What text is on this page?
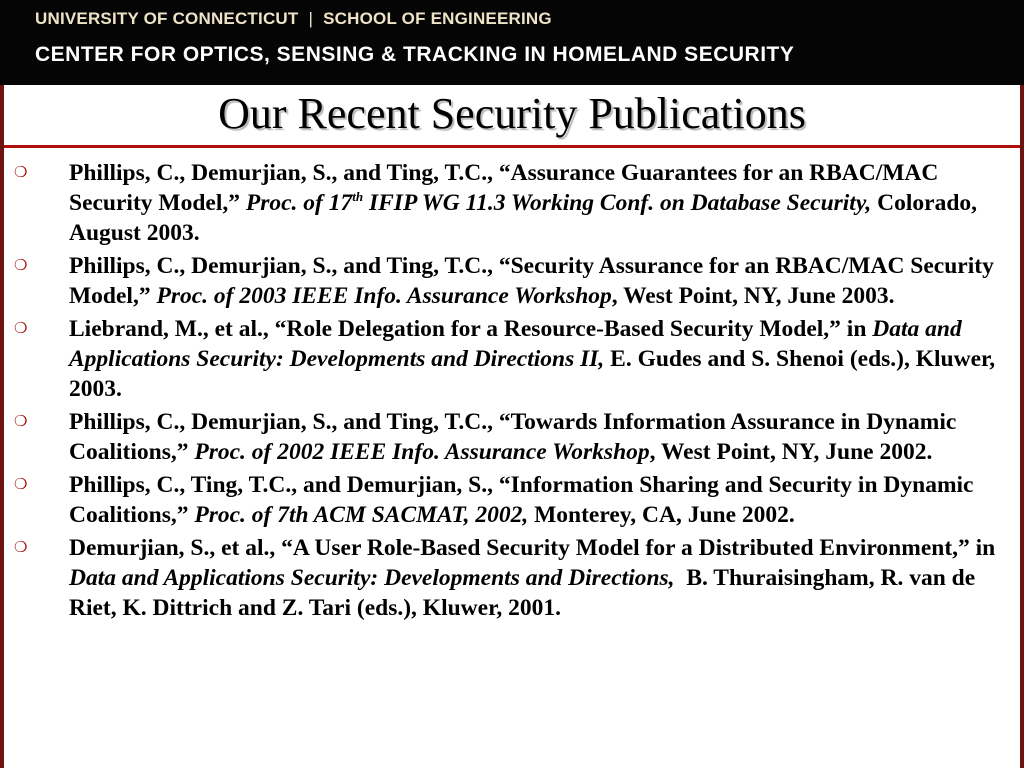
UNIVERSITY OF CONNECTICUT | SCHOOL OF ENGINEERING
CENTER FOR OPTICS, SENSING & TRACKING IN HOMELAND SECURITY
Our Recent Security Publications
❍ Phillips, C., Demurjian, S., and Ting, T.C., “Assurance Guarantees for an RBAC/MAC Security Model,” Proc. of 17th IFIP WG 11.3 Working Conf. on Database Security, Colorado, August 2003.
❍ Phillips, C., Demurjian, S., and Ting, T.C., “Security Assurance for an RBAC/MAC Security Model,” Proc. of 2003 IEEE Info. Assurance Workshop, West Point, NY, June 2003.
❍ Liebrand, M., et al., “Role Delegation for a Resource-Based Security Model,” in Data and Applications Security: Developments and Directions II, E. Gudes and S. Shenoi (eds.), Kluwer, 2003.
❍ Phillips, C., Demurjian, S., and Ting, T.C., “Towards Information Assurance in Dynamic Coalitions,” Proc. of 2002 IEEE Info. Assurance Workshop, West Point, NY, June 2002.
❍ Phillips, C., Ting, T.C., and Demurjian, S., “Information Sharing and Security in Dynamic Coalitions,” Proc. of 7th ACM SACMAT, 2002, Monterey, CA, June 2002.
❍ Demurjian, S., et al., “A User Role-Based Security Model for a Distributed Environment,” in Data and Applications Security: Developments and Directions,  B. Thuraisingham, R. van de Riet, K. Dittrich and Z. Tari (eds.), Kluwer, 2001.
